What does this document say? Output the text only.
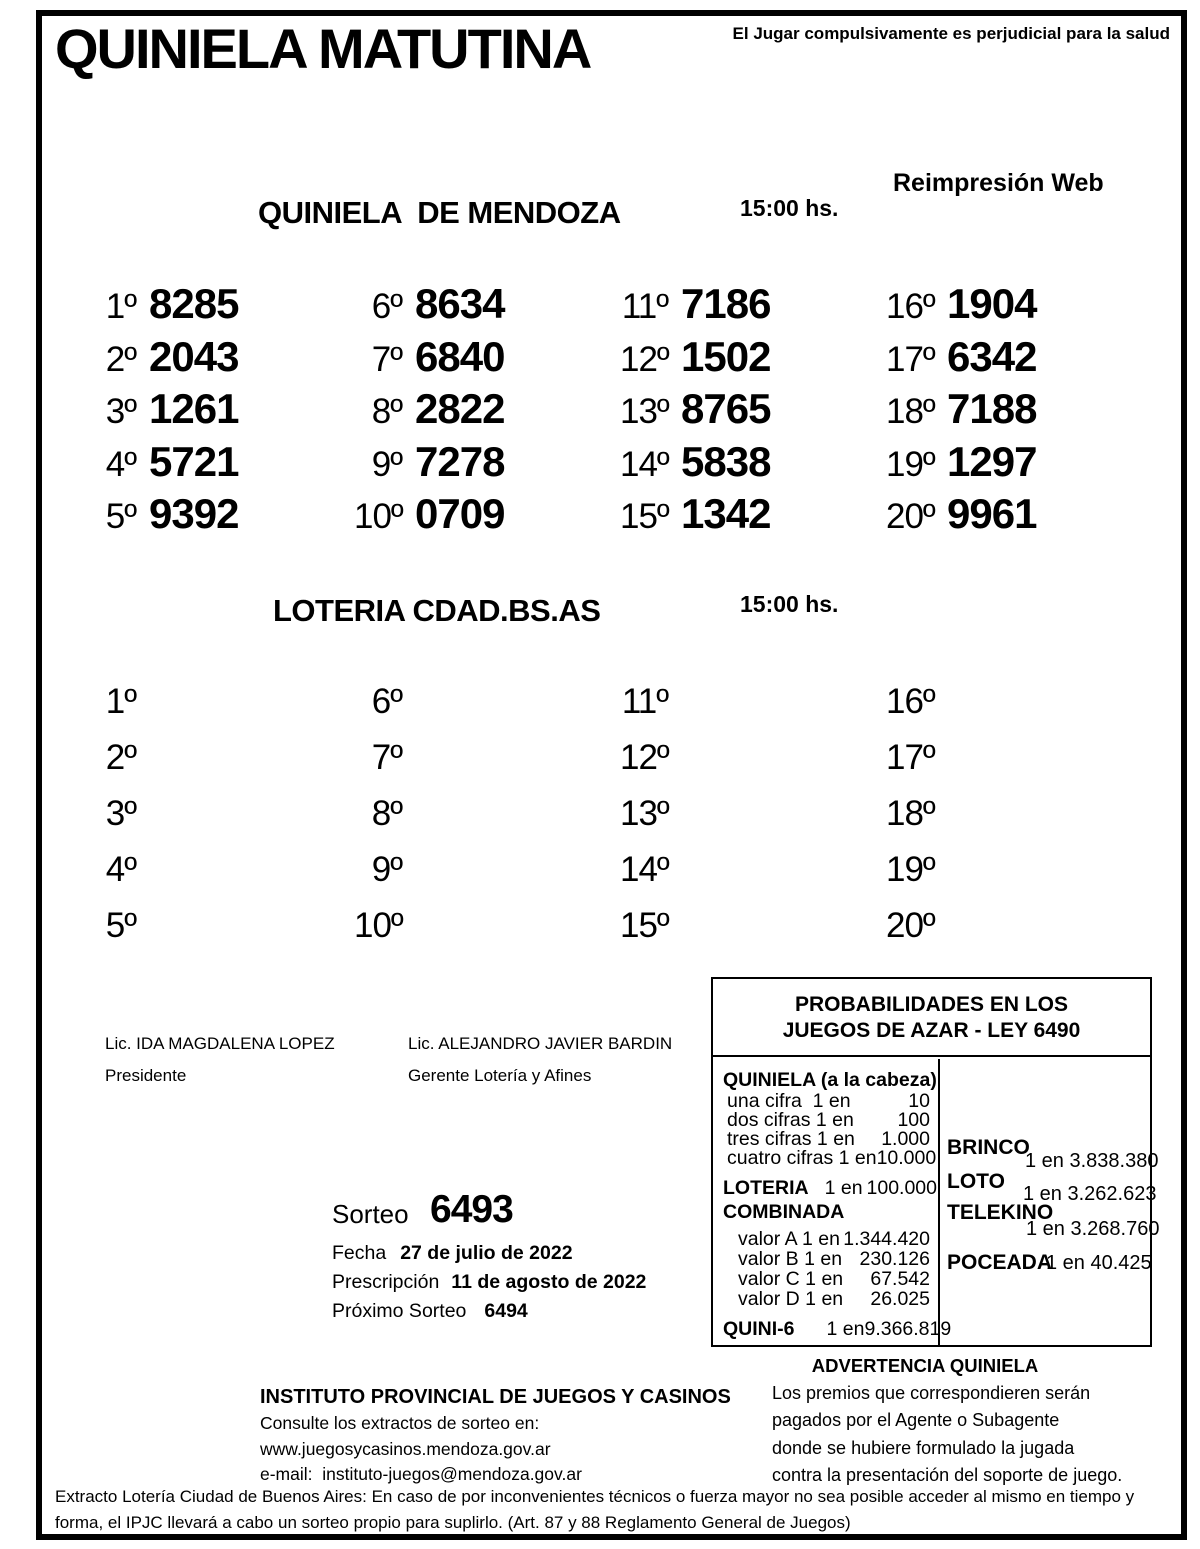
QUINIELA MATUTINA	El Jugar compulsivamente es perjudicial para la salud
Reimpresión Web
QUINIELA  DE MENDOZA	15:00 hs.
1º 8285
2º 2043
3º 1261
4º 5721
5º 9392
6º 8634
7º 6840
8º 2822
9º 7278
10º 0709
11º 7186
12º 1502
13º 8765
14º 5838
15º 1342
16º 1904
17º 6342
18º 7188
19º 1297
20º 9961
LOTERIA CDAD.BS.AS	15:00 hs.
1º
2º
3º
4º
5º
6º
7º
8º
9º
10º
11º
12º
13º
14º
15º
16º
17º
18º
19º
20º
Lic. IDA MAGDALENA LOPEZ
Presidente
Lic. ALEJANDRO JAVIER BARDIN
Gerente Lotería y Afines
Sorteo 6493
Fecha 27 de julio de 2022
Prescripción 11 de agosto de 2022
Próximo Sorteo 6494
PROBABILIDADES EN LOS
JUEGOS DE AZAR - LEY 6490
QUINIELA (a la cabeza)
una cifra  1 en	10
dos cifras 1 en 100
tres cifras 1 en 1.000
cuatro cifras 1 en 10.000
LOTERIA 1 en 100.000
COMBINADA
valor A 1 en 1.344.420
valor B 1 en 230.126
valor C 1 en 67.542
valor D 1 en 26.025
QUINI-6 1 en 9.366.819
BRINCO
1 en 3.838.380
LOTO
1 en 3.262.623
TELEKINO
1 en 3.268.760
POCEADA
1 en 40.425
ADVERTENCIA QUINIELA
Los premios que correspondieren serán
pagados por el Agente o Subagente
donde se hubiere formulado la jugada
contra la presentación del soporte de juego.
INSTITUTO PROVINCIAL DE JUEGOS Y CASINOS
Consulte los extractos de sorteo en:
www.juegosycasinos.mendoza.gov.ar
e-mail:  instituto-juegos@mendoza.gov.ar
Extracto Lotería Ciudad de Buenos Aires: En caso de por inconvenientes técnicos o fuerza mayor no sea posible acceder al mismo en tiempo y
forma, el IPJC llevará a cabo un sorteo propio para suplirlo. (Art. 87 y 88 Reglamento General de Juegos)
